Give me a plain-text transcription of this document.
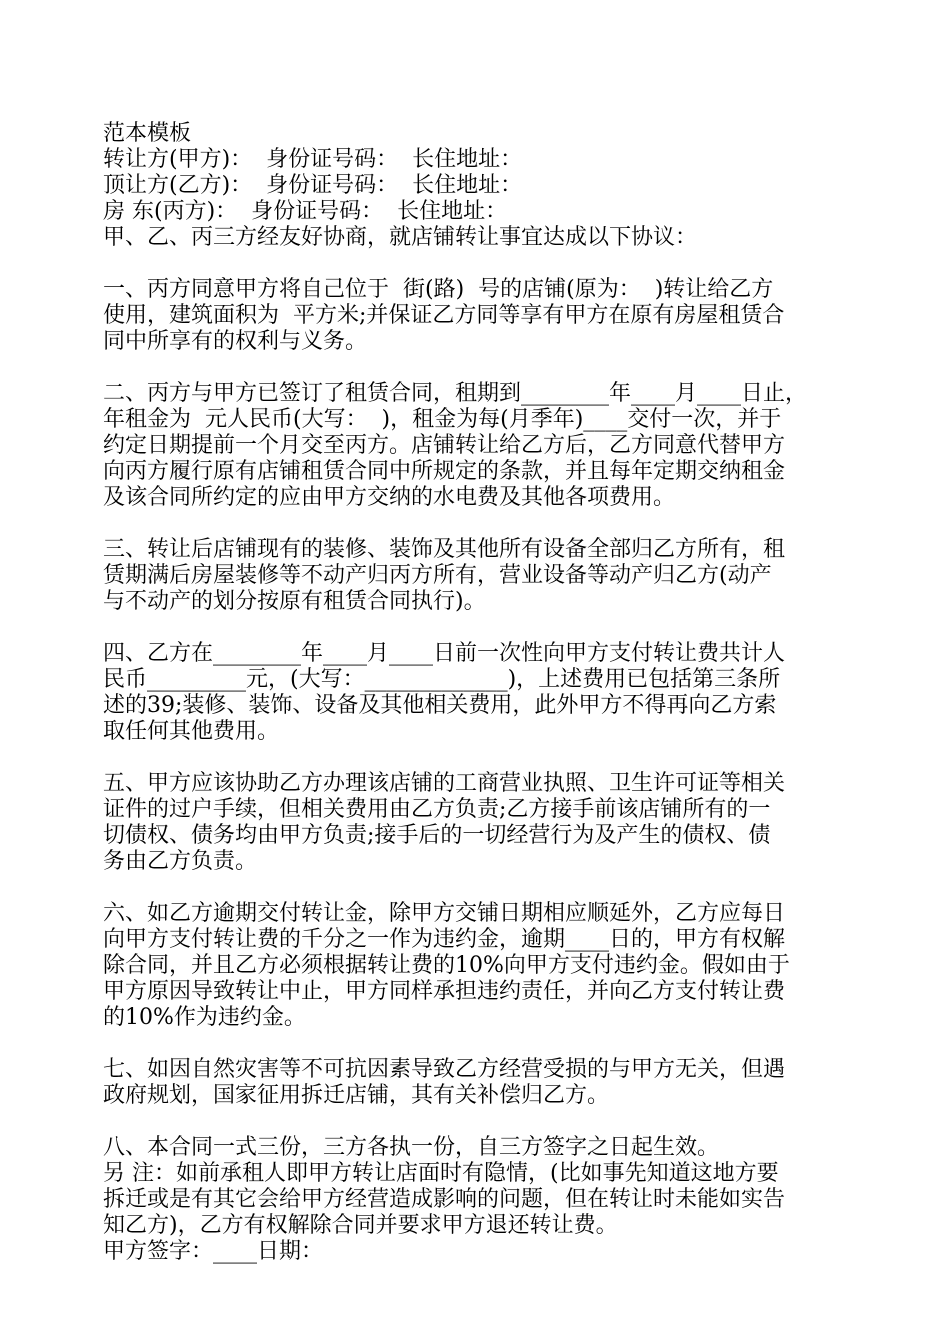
范本模板
转让方(甲方)：  身份证号码：  长住地址：
顶让方(乙方)：  身份证号码：  长住地址：
房 东(丙方)：  身份证号码：  长住地址：
甲、乙、丙三方经友好协商，就店铺转让事宜达成以下协议：
一、丙方同意甲方将自己位于  街(路)  号的店铺(原为：  )转让给乙方
使用，建筑面积为  平方米;并保证乙方同等享有甲方在原有房屋租赁合
同中所享有的权利与义务。
二、丙方与甲方已签订了租赁合同，租期到________年____月____日止，
年租金为  元人民币(大写：  )，租金为每(月季年)____交付一次，并于
约定日期提前一个月交至丙方。店铺转让给乙方后，乙方同意代替甲方
向丙方履行原有店铺租赁合同中所规定的条款，并且每年定期交纳租金
及该合同所约定的应由甲方交纳的水电费及其他各项费用。
三、转让后店铺现有的装修、装饰及其他所有设备全部归乙方所有，租
赁期满后房屋装修等不动产归丙方所有，营业设备等动产归乙方(动产
与不动产的划分按原有租赁合同执行)。
四、乙方在________年____月____日前一次性向甲方支付转让费共计人
民币_________元，(大写：_____________)，上述费用已包括第三条所
述的39;装修、装饰、设备及其他相关费用，此外甲方不得再向乙方索
取任何其他费用。
五、甲方应该协助乙方办理该店铺的工商营业执照、卫生许可证等相关
证件的过户手续，但相关费用由乙方负责;乙方接手前该店铺所有的一
切债权、债务均由甲方负责;接手后的一切经营行为及产生的债权、债
务由乙方负责。
六、如乙方逾期交付转让金，除甲方交铺日期相应顺延外，乙方应每日
向甲方支付转让费的千分之一作为违约金，逾期____日的，甲方有权解
除合同，并且乙方必须根据转让费的10%向甲方支付违约金。假如由于
甲方原因导致转让中止，甲方同样承担违约责任，并向乙方支付转让费
的10%作为违约金。
七、如因自然灾害等不可抗因素导致乙方经营受损的与甲方无关，但遇
政府规划，国家征用拆迁店铺，其有关补偿归乙方。
八、本合同一式三份，三方各执一份，自三方签字之日起生效。
另 注：如前承租人即甲方转让店面时有隐情，(比如事先知道这地方要
拆迁或是有其它会给甲方经营造成影响的问题，但在转让时未能如实告
知乙方)，乙方有权解除合同并要求甲方退还转让费。
甲方签字：____日期：
